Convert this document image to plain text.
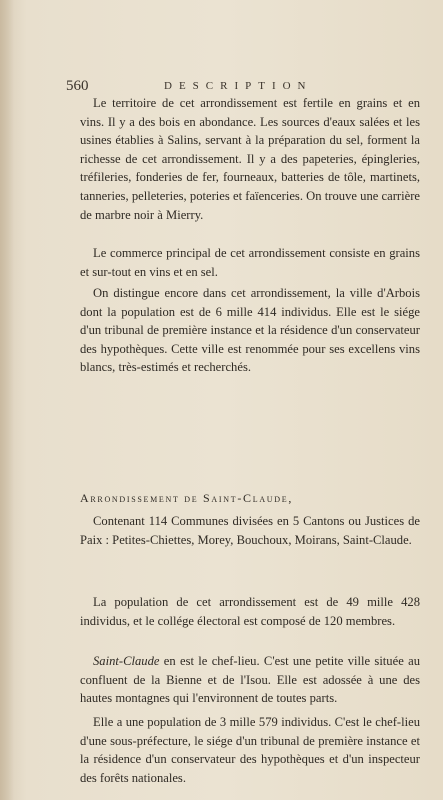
560	DESCRIPTION

Le territoire de cet arrondissement est fertile en grains et en vins. Il y a des bois en abondance. Les sources d'eaux salées et les usines établies à Salins, servant à la préparation du sel, forment la richesse de cet arrondissement. Il y a des papeteries, épingleries, tréfileries, fonderies de fer, fourneaux, batteries de tôle, martinets, tanneries, pelleteries, poteries et faïenceries. On trouve une carrière de marbre noir à Mierry.

Le commerce principal de cet arrondissement consiste en grains et sur-tout en vins et en sel.

On distingue encore dans cet arrondissement, la ville d'Arbois dont la population est de 6 mille 414 individus. Elle est le siége d'un tribunal de première instance et la résidence d'un conservateur des hypothèques. Cette ville est renommée pour ses excellens vins blancs, très-estimés et recherchés.

Arrondissement de Saint-Claude,

Contenant 114 Communes divisées en 5 Cantons ou Justices de Paix : Petites-Chiettes, Morey, Bouchoux, Moirans, Saint-Claude.

La population de cet arrondissement est de 49 mille 428 individus, et le collége électoral est composé de 120 membres.

Saint-Claude en est le chef-lieu. C'est une petite ville située au confluent de la Bienne et de l'Isou. Elle est adossée à une des hautes montagnes qui l'environnent de toutes parts.

Elle a une population de 3 mille 579 individus. C'est le chef-lieu d'une sous-préfecture, le siége d'un tribunal de première instance et la résidence d'un conservateur des hypothèques et d'un inspecteur des forêts nationales.
